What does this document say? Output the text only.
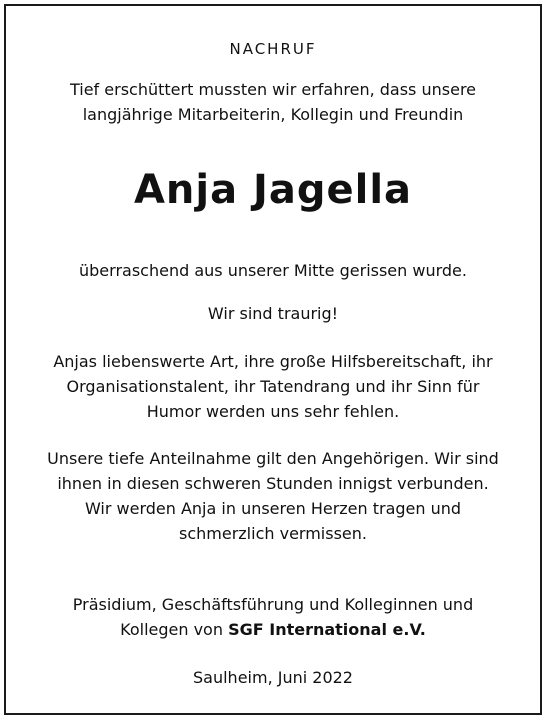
NACHRUF
Tief erschüttert mussten wir erfahren, dass unsere
langjährige Mitarbeiterin, Kollegin und Freundin
Anja Jagella
überraschend aus unserer Mitte gerissen wurde.
Wir sind traurig!
Anjas liebenswerte Art, ihre große Hilfsbereitschaft, ihr
Organisationstalent, ihr Tatendrang und ihr Sinn für
Humor werden uns sehr fehlen.
Unsere tiefe Anteilnahme gilt den Angehörigen. Wir sind
ihnen in diesen schweren Stunden innigst verbunden.
Wir werden Anja in unseren Herzen tragen und
schmerzlich vermissen.
Präsidium, Geschäftsführung und Kolleginnen und
Kollegen von SGF International e.V.
Saulheim, Juni 2022
